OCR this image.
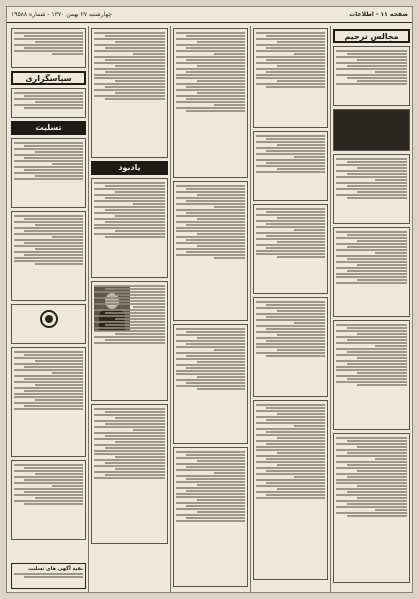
صفحه ۱۱ - اطلاعات
چهارشنبه ۲۷ بهمن ۱۳۷۰ - شماره ۱۹۵۸۸
مجالس ترحیم
یادبود
سپاسگزاری
تسلیت
بقیه آگهی های تسلیت
